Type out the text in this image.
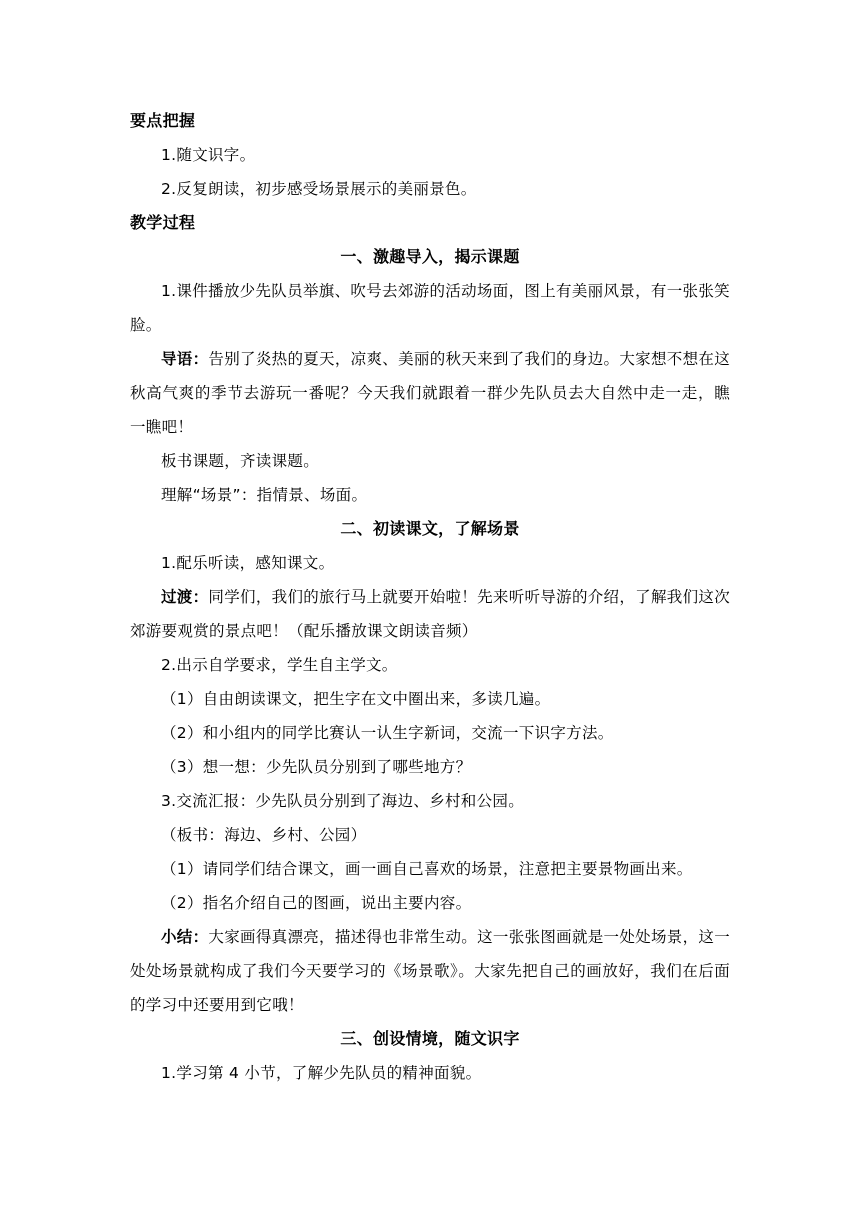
要点把握

1.随文识字。

2.反复朗读，初步感受场景展示的美丽景色。

教学过程

一、激趣导入，揭示课题

1.课件播放少先队员举旗、吹号去郊游的活动场面，图上有美丽风景，有一张张笑脸。

导语：告别了炎热的夏天，凉爽、美丽的秋天来到了我们的身边。大家想不想在这秋高气爽的季节去游玩一番呢？今天我们就跟着一群少先队员去大自然中走一走，瞧一瞧吧！

板书课题，齐读课题。

理解“场景”：指情景、场面。

二、初读课文，了解场景

1.配乐听读，感知课文。

过渡：同学们，我们的旅行马上就要开始啦！先来听听导游的介绍，了解我们这次郊游要观赏的景点吧！（配乐播放课文朗读音频）

2.出示自学要求，学生自主学文。

（1）自由朗读课文，把生字在文中圈出来，多读几遍。

（2）和小组内的同学比赛认一认生字新词，交流一下识字方法。

（3）想一想：少先队员分别到了哪些地方？

3.交流汇报：少先队员分别到了海边、乡村和公园。

（板书：海边、乡村、公园）

（1）请同学们结合课文，画一画自己喜欢的场景，注意把主要景物画出来。

（2）指名介绍自己的图画，说出主要内容。

小结：大家画得真漂亮，描述得也非常生动。这一张张图画就是一处处场景，这一处处场景就构成了我们今天要学习的《场景歌》。大家先把自己的画放好，我们在后面的学习中还要用到它哦！

三、创设情境，随文识字

1.学习第 4 小节，了解少先队员的精神面貌。
